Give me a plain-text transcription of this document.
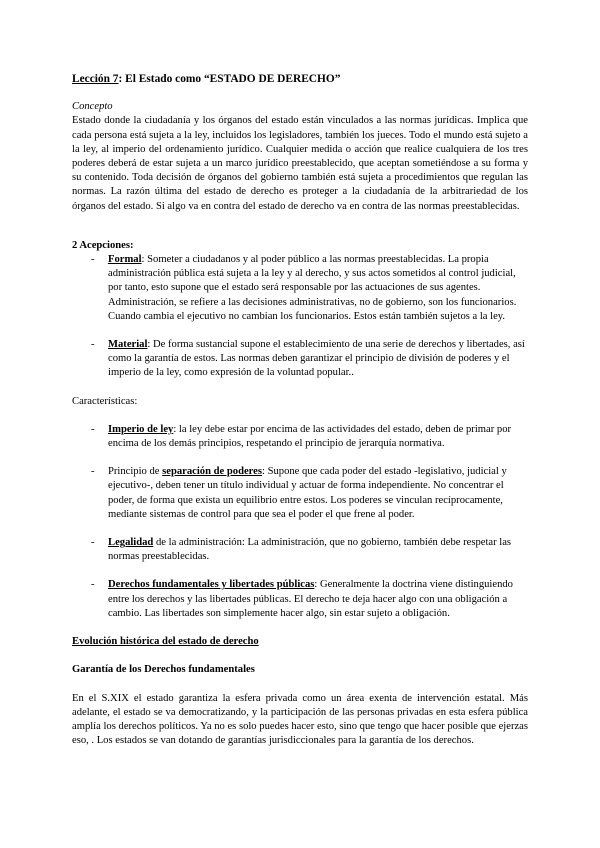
Lección 7: El Estado como “ESTADO DE DERECHO”

Concepto

Estado donde la ciudadanía y los órganos del estado están vinculados a las normas jurídicas. Implica que cada persona está sujeta a la ley, incluidos los legisladores, también los jueces. Todo el mundo está sujeto a la ley, al imperio del ordenamiento jurídico. Cualquier medida o acción que realice cualquiera de los tres poderes deberá de estar sujeta a un marco jurídico preestablecido, que aceptan sometiéndose a su forma y su contenido. Toda decisión de órganos del gobierno también está sujeta a procedimientos que regulan las normas. La razón última del estado de derecho es proteger a la ciudadanía de la arbitrariedad de los órganos del estado. Si algo va en contra del estado de derecho va en contra de las normas preestablecidas.

2 Acepciones:

- Formal: Someter a ciudadanos y al poder público a las normas preestablecidas. La propia administración pública está sujeta a la ley y al derecho, y sus actos sometidos al control judicial, por tanto, esto supone que el estado será responsable por las actuaciones de sus agentes. Administración, se refiere a las decisiones administrativas, no de gobierno, son los funcionarios. Cuando cambia el ejecutivo no cambian los funcionarios. Estos están también sujetos a la ley.
- Material: De forma sustancial supone el establecimiento de una serie de derechos y libertades, así como la garantía de estos. Las normas deben garantizar el principio de división de poderes y el imperio de la ley, como expresión de la voluntad popular..

Características:

- Imperio de ley: la ley debe estar por encima de las actividades del estado, deben de primar por encima de los demás principios, respetando el principio de jerarquía normativa.
- Principio de separación de poderes: Supone que cada poder del estado -legislativo, judicial y ejecutivo-, deben tener un título individual y actuar de forma independiente. No concentrar el poder, de forma que exista un equilibrio entre estos. Los poderes se vinculan recíprocamente, mediante sistemas de control para que sea el poder el que frene al poder.
- Legalidad de la administración: La administración, que no gobierno, también debe respetar las normas preestablecidas.
- Derechos fundamentales y libertades públicas: Generalmente la doctrina viene distinguiendo entre los derechos y las libertades públicas. El derecho te deja hacer algo con una obligación a cambio. Las libertades son simplemente hacer algo, sin estar sujeto a obligación.

Evolución histórica del estado de derecho

Garantía de los Derechos fundamentales

En el S.XIX el estado garantiza la esfera privada como un área exenta de intervención estatal. Más adelante, el estado se va democratizando, y la participación de las personas privadas en esta esfera pública amplía los derechos políticos. Ya no es solo puedes hacer esto, sino que tengo que hacer posible que ejerzas eso, . Los estados se van dotando de garantías jurisdiccionales para la garantía de los derechos.
